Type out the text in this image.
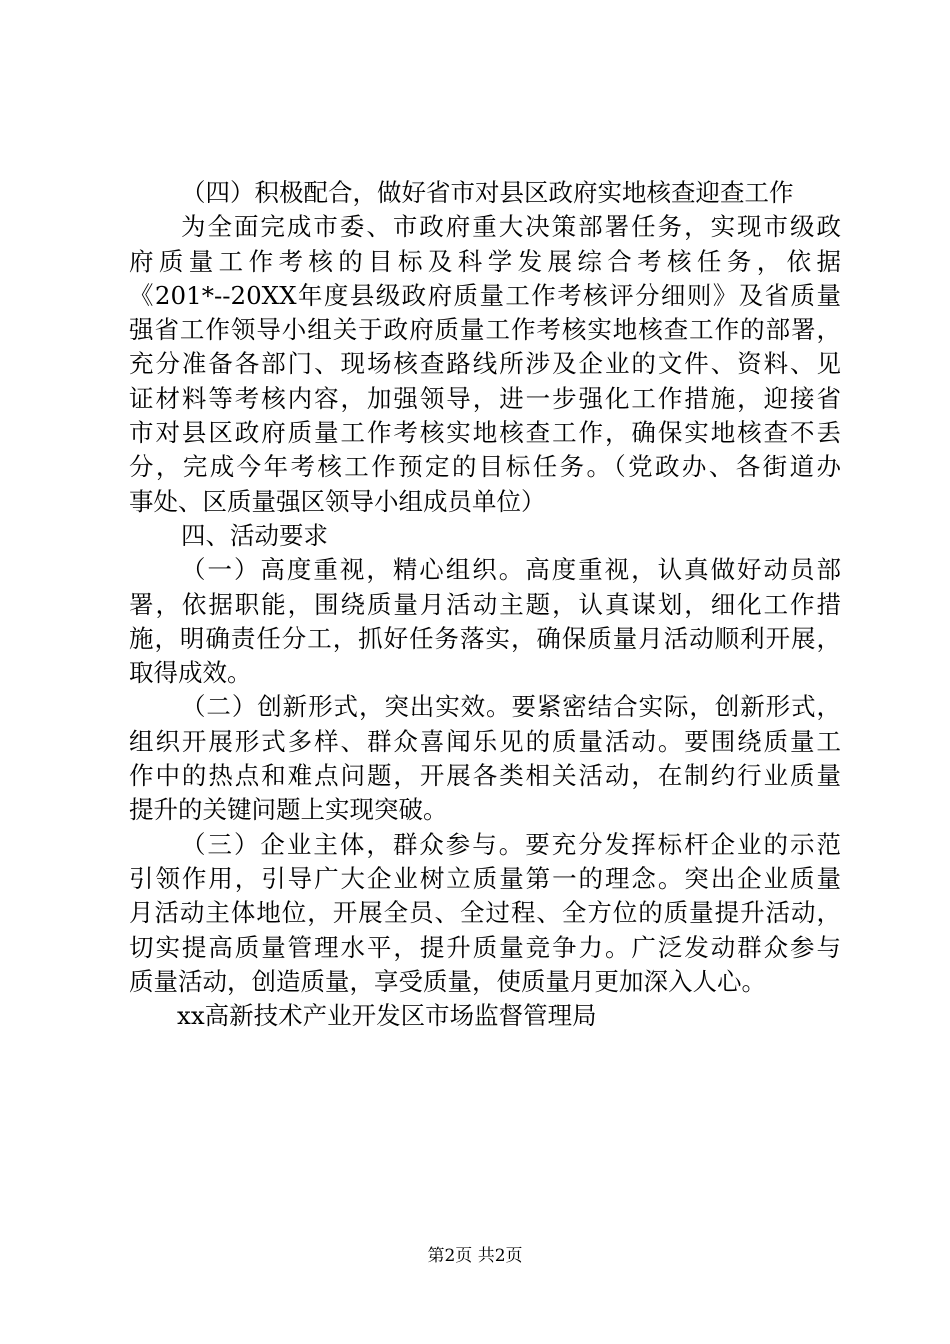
（四）积极配合，做好省市对县区政府实地核查迎查工作
为全面完成市委、市政府重大决策部署任务，实现市级政
府质量工作考核的目标及科学发展综合考核任务，依据
《201*--20XX年度县级政府质量工作考核评分细则》及省质量
强省工作领导小组关于政府质量工作考核实地核查工作的部署，
充分准备各部门、现场核查路线所涉及企业的文件、资料、见
证材料等考核内容，加强领导，进一步强化工作措施，迎接省
市对县区政府质量工作考核实地核查工作，确保实地核查不丢
分，完成今年考核工作预定的目标任务。（党政办、各街道办
事处、区质量强区领导小组成员单位）
四、活动要求
（一）高度重视，精心组织。高度重视，认真做好动员部
署，依据职能，围绕质量月活动主题，认真谋划，细化工作措
施，明确责任分工，抓好任务落实，确保质量月活动顺利开展，
取得成效。
（二）创新形式，突出实效。要紧密结合实际，创新形式，
组织开展形式多样、群众喜闻乐见的质量活动。要围绕质量工
作中的热点和难点问题，开展各类相关活动，在制约行业质量
提升的关键问题上实现突破。
（三）企业主体，群众参与。要充分发挥标杆企业的示范
引领作用，引导广大企业树立质量第一的理念。突出企业质量
月活动主体地位，开展全员、全过程、全方位的质量提升活动，
切实提高质量管理水平，提升质量竞争力。广泛发动群众参与
质量活动，创造质量，享受质量，使质量月更加深入人心。
xx高新技术产业开发区市场监督管理局
第2页 共2页
